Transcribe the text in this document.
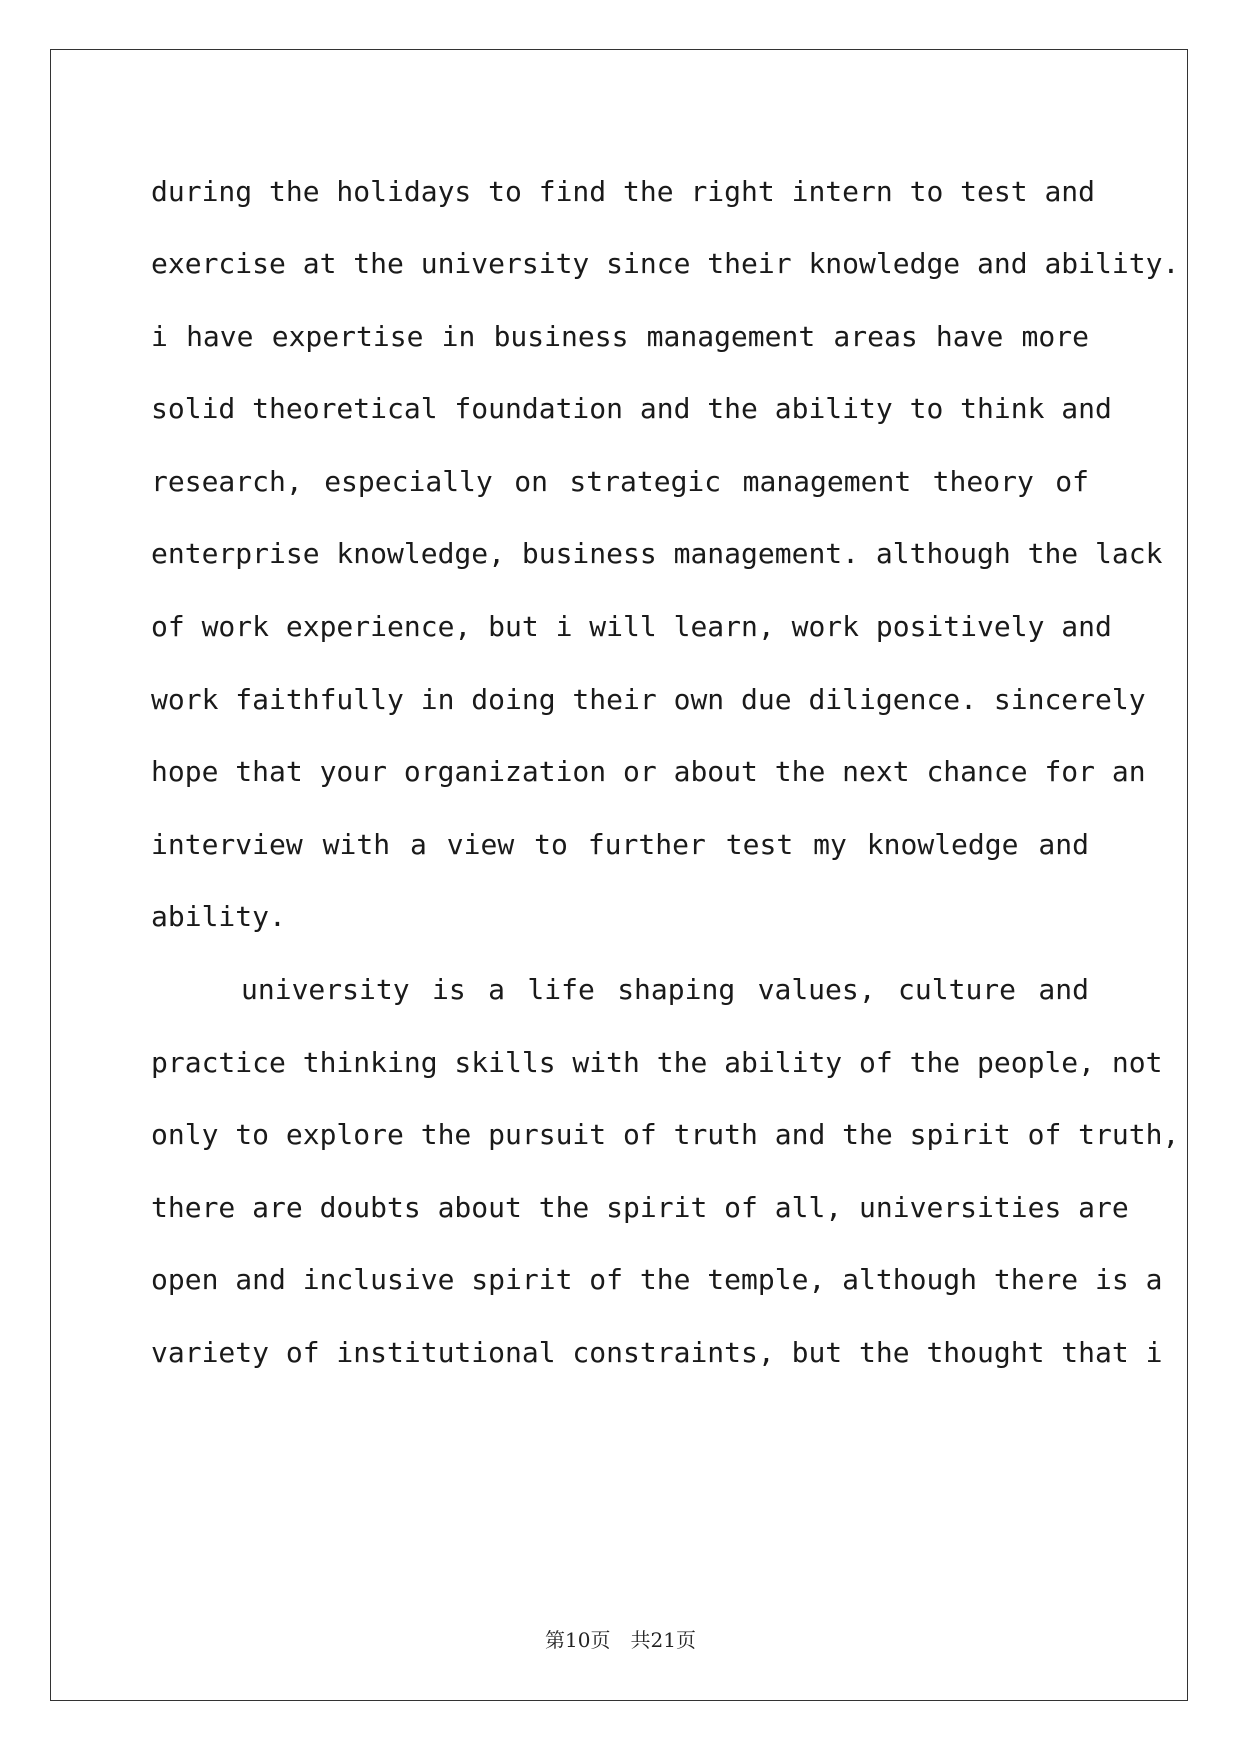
during the holidays to find the right intern to test and
exercise at the university since their knowledge and ability.
i have expertise in business management areas have more
solid theoretical foundation and the ability to think and
research, especially on strategic management theory of
enterprise knowledge, business management. although the lack
of work experience, but i will learn, work positively and
work faithfully in doing their own due diligence. sincerely
hope that your organization or about the next chance for an
interview with a view to further test my knowledge and
ability.
university is a life shaping values, culture and
practice thinking skills with the ability of the people, not
only to explore the pursuit of truth and the spirit of truth,
there are doubts about the spirit of all, universities are
open and inclusive spirit of the temple, although there is a
variety of institutional constraints, but the thought that i
第10页　共21页
